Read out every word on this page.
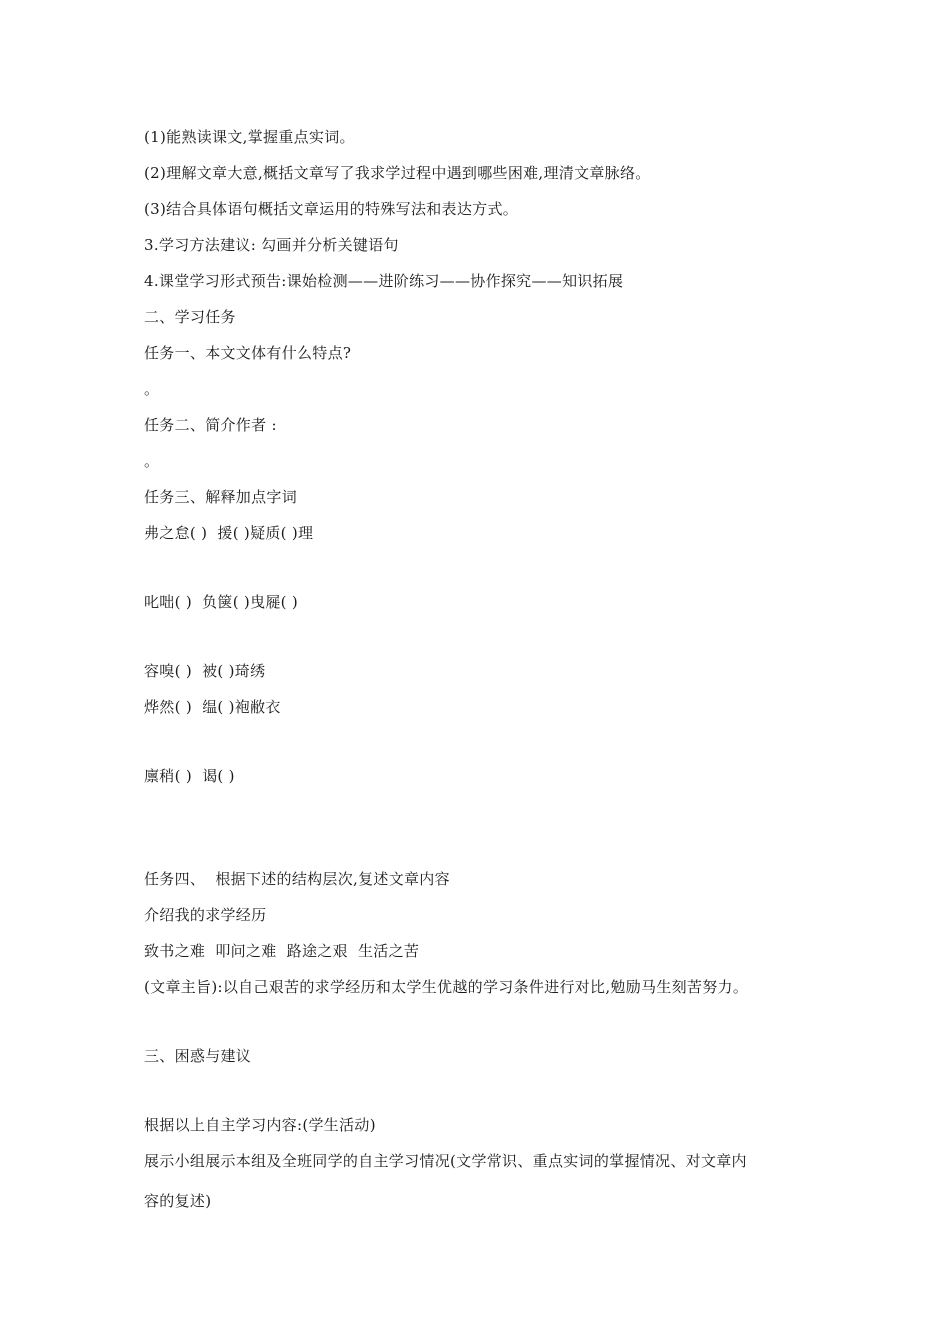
(1)能熟读课文,掌握重点实词。
(2)理解文章大意,概括文章写了我求学过程中遇到哪些困难,理清文章脉络。
(3)结合具体语句概括文章运用的特殊写法和表达方式。
3.学习方法建议: 勾画并分析关键语句
4.课堂学习形式预告:课始检测——进阶练习——协作探究——知识拓展
二、学习任务
任务一、本文文体有什么特点?
。
任务二、简介作者 :
。
任务三、解释加点字词
弗之怠( )  援( )疑质( )理
叱咄( )  负箧( )曳屣( )
容嗅( )  被( )琦绣
烨然( )  缊( )袍敝衣
廪稍( )  谒( )
任务四、  根据下述的结构层次,复述文章内容
介绍我的求学经历
致书之难  叩问之难  路途之艰  生活之苦
(文章主旨):以自己艰苦的求学经历和太学生优越的学习条件进行对比,勉励马生刻苦努力。
三、困惑与建议
根据以上自主学习内容:(学生活动)
展示小组展示本组及全班同学的自主学习情况(文学常识、重点实词的掌握情况、对文章内
容的复述)
